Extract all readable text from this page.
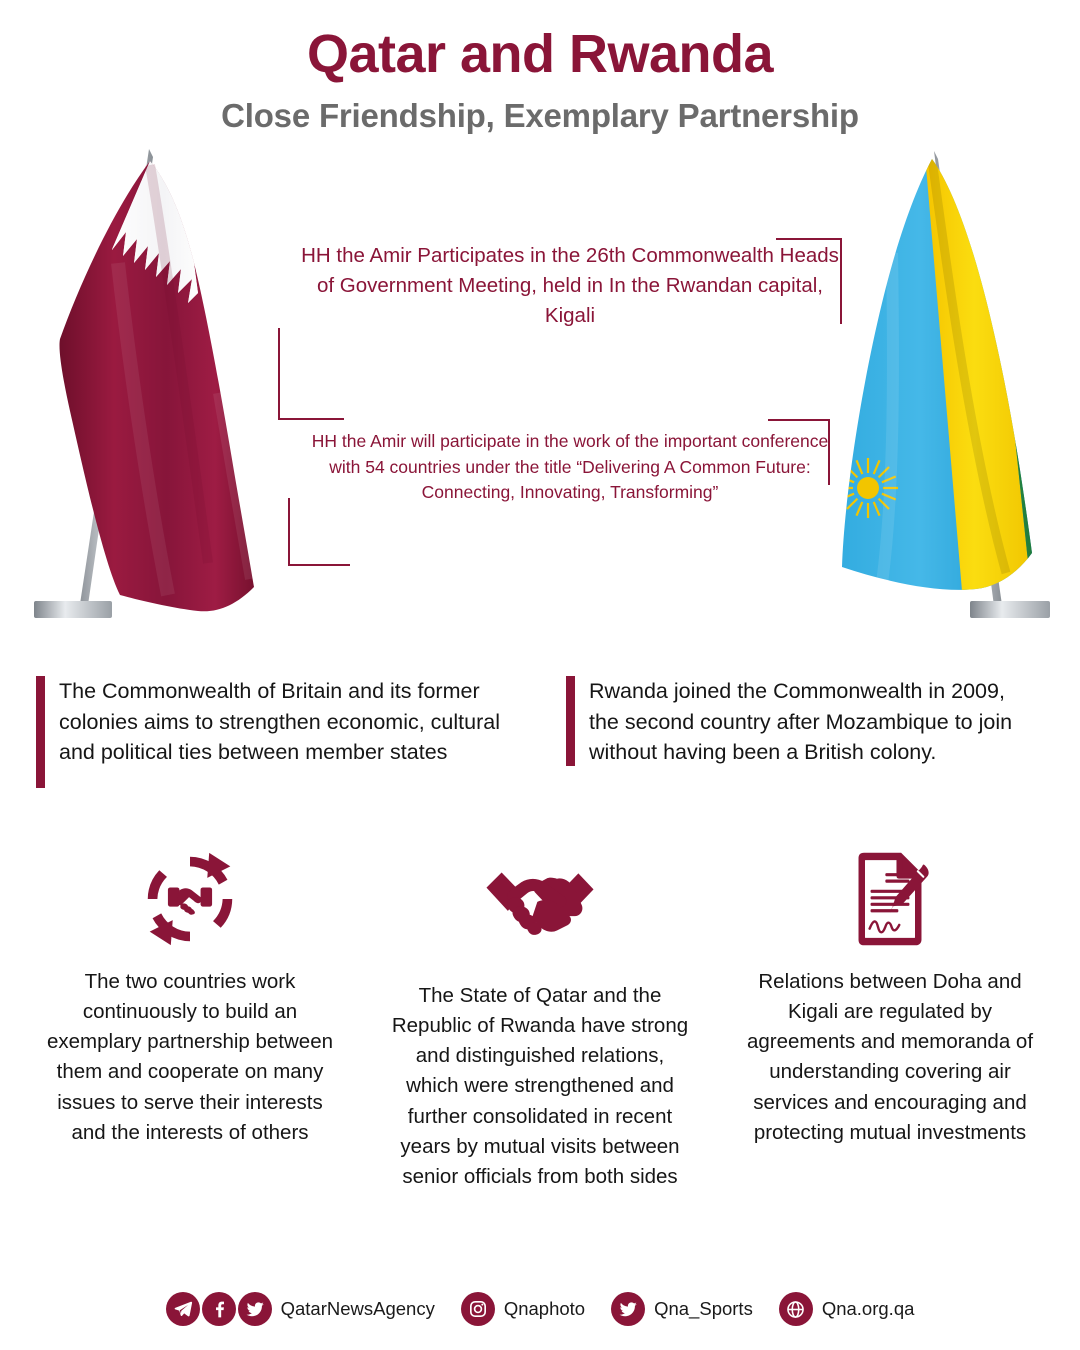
Qatar and Rwanda
Close Friendship, Exemplary Partnership

HH the Amir Participates in the 26th Commonwealth Heads of Government Meeting, held in In the Rwandan capital, Kigali

HH the Amir will participate in the work of the important conference with 54 countries under the title “Delivering A Common Future: Connecting, Innovating, Transforming”

The Commonwealth of Britain and its former colonies aims to strengthen economic, cultural and political ties between member states

Rwanda joined the Commonwealth in 2009, the second country after Mozambique to join without having been a British colony.

The two countries work continuously to build an exemplary partnership between them and cooperate on many issues to serve their interests and the interests of others

The State of Qatar and the Republic of Rwanda have strong and distinguished relations, which were strengthened and further consolidated in recent years by mutual visits between senior officials from both sides

Relations between Doha and Kigali are regulated by agreements and memoranda of understanding covering air services and encouraging and protecting mutual investments

QatarNewsAgency	Qnaphoto	Qna_Sports	Qna.org.qa
